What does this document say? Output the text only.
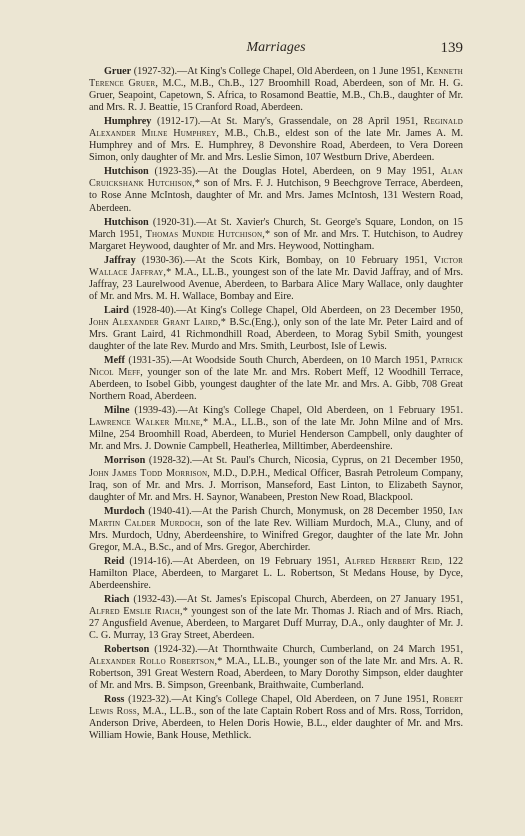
Marriages	139

Gruer (1927-32).—At King's College Chapel, Old Aberdeen, on 1 June 1951, Kenneth Terence Gruer, M.C., M.B., Ch.B., 127 Broomhill Road, Aberdeen, son of Mr. H. G. Gruer, Seapoint, Capetown, S. Africa, to Rosamond Beattie, M.B., Ch.B., daughter of Mr. and Mrs. R. J. Beattie, 15 Cranford Road, Aberdeen.

Humphrey (1912-17).—At St. Mary's, Grassendale, on 28 April 1951, Reginald Alexander Milne Humphrey, M.B., Ch.B., eldest son of the late Mr. James A. M. Humphrey and of Mrs. E. Humphrey, 8 Devonshire Road, Aberdeen, to Vera Doreen Simon, only daughter of Mr. and Mrs. Leslie Simon, 107 Westburn Drive, Aberdeen.

Hutchison (1923-35).—At the Douglas Hotel, Aberdeen, on 9 May 1951, Alan Cruickshank Hutchison,* son of Mrs. F. J. Hutchison, 9 Beechgrove Terrace, Aberdeen, to Rose Anne McIntosh, daughter of Mr. and Mrs. James McIntosh, 131 Western Road, Aberdeen.

Hutchison (1920-31).—At St. Xavier's Church, St. George's Square, London, on 15 March 1951, Thomas Mundie Hutchison,* son of Mr. and Mrs. T. Hutchison, to Audrey Margaret Heywood, daughter of Mr. and Mrs. Heywood, Nottingham.

Jaffray (1930-36).—At the Scots Kirk, Bombay, on 10 February 1951, Victor Wallace Jaffray,* M.A., LL.B., youngest son of the late Mr. David Jaffray, and of Mrs. Jaffray, 23 Laurelwood Avenue, Aberdeen, to Barbara Alice Mary Wallace, only daughter of Mr. and Mrs. M. H. Wallace, Bombay and Eire.

Laird (1928-40).—At King's College Chapel, Old Aberdeen, on 23 December 1950, John Alexander Grant Laird,* B.Sc.(Eng.), only son of the late Mr. Peter Laird and of Mrs. Grant Laird, 41 Richmondhill Road, Aberdeen, to Morag Sybil Smith, youngest daughter of the late Rev. Murdo and Mrs. Smith, Leurbost, Isle of Lewis.

Meff (1931-35).—At Woodside South Church, Aberdeen, on 10 March 1951, Patrick Nicol Meff, younger son of the late Mr. and Mrs. Robert Meff, 12 Woodhill Terrace, Aberdeen, to Isobel Gibb, youngest daughter of the late Mr. and Mrs. A. Gibb, 708 Great Northern Road, Aberdeen.

Milne (1939-43).—At King's College Chapel, Old Aberdeen, on 1 February 1951. Lawrence Walker Milne,* M.A., LL.B., son of the late Mr. John Milne and of Mrs. Milne, 254 Broomhill Road, Aberdeen, to Muriel Henderson Campbell, only daughter of Mr. and Mrs. J. Downie Campbell, Heatherlea, Milltimber, Aberdeenshire.

Morrison (1928-32).—At St. Paul's Church, Nicosia, Cyprus, on 21 December 1950, John James Todd Morrison, M.D., D.P.H., Medical Officer, Basrah Petroleum Company, Iraq, son of Mr. and Mrs. J. Morrison, Manseford, East Linton, to Elizabeth Saynor, daughter of Mr. and Mrs. H. Saynor, Wanabeen, Preston New Road, Blackpool.

Murdoch (1940-41).—At the Parish Church, Monymusk, on 28 December 1950, Ian Martin Calder Murdoch, son of the late Rev. William Murdoch, M.A., Cluny, and of Mrs. Murdoch, Udny, Aberdeenshire, to Winifred Gregor, daughter of the late Mr. John Gregor, M.A., B.Sc., and of Mrs. Gregor, Aberchirder.

Reid (1914-16).—At Aberdeen, on 19 February 1951, Alfred Herbert Reid, 122 Hamilton Place, Aberdeen, to Margaret L. L. Robertson, St Medans House, by Dyce, Aberdeenshire.

Riach (1932-43).—At St. James's Episcopal Church, Aberdeen, on 27 January 1951, Alfred Emslie Riach,* youngest son of the late Mr. Thomas J. Riach and of Mrs. Riach, 27 Angusfield Avenue, Aberdeen, to Margaret Duff Murray, D.A., only daughter of Mr. J. C. G. Murray, 13 Gray Street, Aberdeen.

Robertson (1924-32).—At Thornthwaite Church, Cumberland, on 24 March 1951, Alexander Rollo Robertson,* M.A., LL.B., younger son of the late Mr. and Mrs. A. R. Robertson, 391 Great Western Road, Aberdeen, to Mary Dorothy Simpson, elder daughter of Mr. and Mrs. B. Simpson, Greenbank, Braithwaite, Cumberland.

Ross (1923-32).—At King's College Chapel, Old Aberdeen, on 7 June 1951, Robert Lewis Ross, M.A., LL.B., son of the late Captain Robert Ross and of Mrs. Ross, Torridon, Anderson Drive, Aberdeen, to Helen Doris Howie, B.L., elder daughter of Mr. and Mrs. William Howie, Bank House, Methlick.
